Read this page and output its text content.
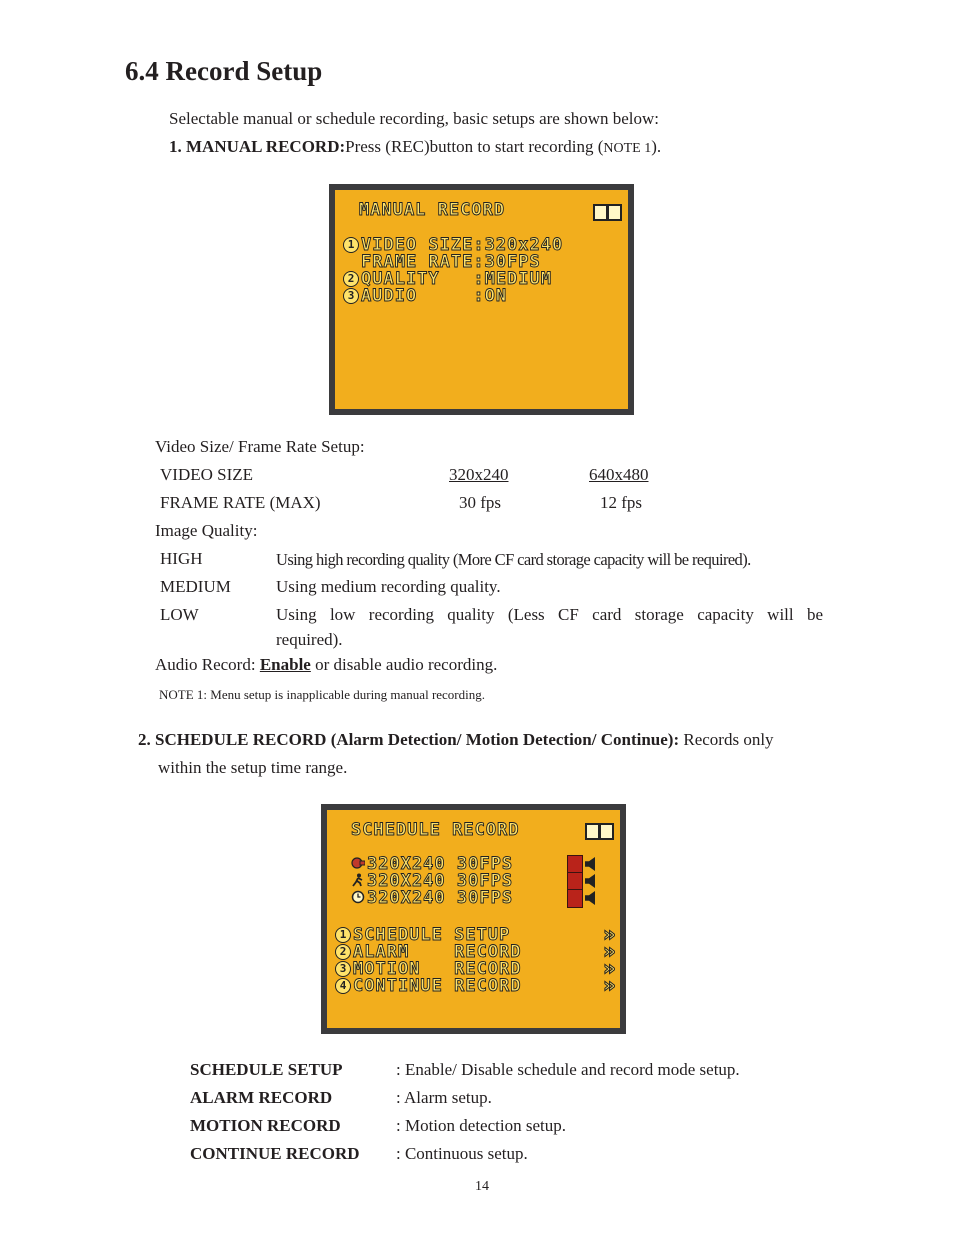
6.4 Record Setup
Selectable manual or schedule recording, basic setups are shown below:
1. MANUAL RECORD:Press (REC)button to start recording (NOTE 1).
MANUAL RECORD
1 VIDEO SIZE:320x240
FRAME RATE:30FPS
2 QUALITY   :MEDIUM
3 AUDIO     :ON
Video Size/ Frame Rate Setup:
VIDEO SIZE	320x240	640x480
FRAME RATE (MAX)	30 fps	12 fps
Image Quality:
HIGH	Using high recording quality (More CF card storage capacity will be required).
MEDIUM	Using medium recording quality.
LOW	Using low recording quality (Less CF card storage capacity will be
required).
Audio Record: Enable or disable audio recording.
NOTE 1: Menu setup is inapplicable during manual recording.
2. SCHEDULE RECORD (Alarm Detection/ Motion Detection/ Continue): Records only
within the setup time range.
SCHEDULE RECORD
320X240 30FPS
320X240 30FPS
320X240 30FPS
1 SCHEDULE SETUP
2 ALARM    RECORD
3 MOTION   RECORD
4 CONTINUE RECORD
»
»
»
»
SCHEDULE SETUP	: Enable/ Disable schedule and record mode setup.
ALARM RECORD	: Alarm setup.
MOTION RECORD	: Motion detection setup.
CONTINUE RECORD : Continuous setup.
14
